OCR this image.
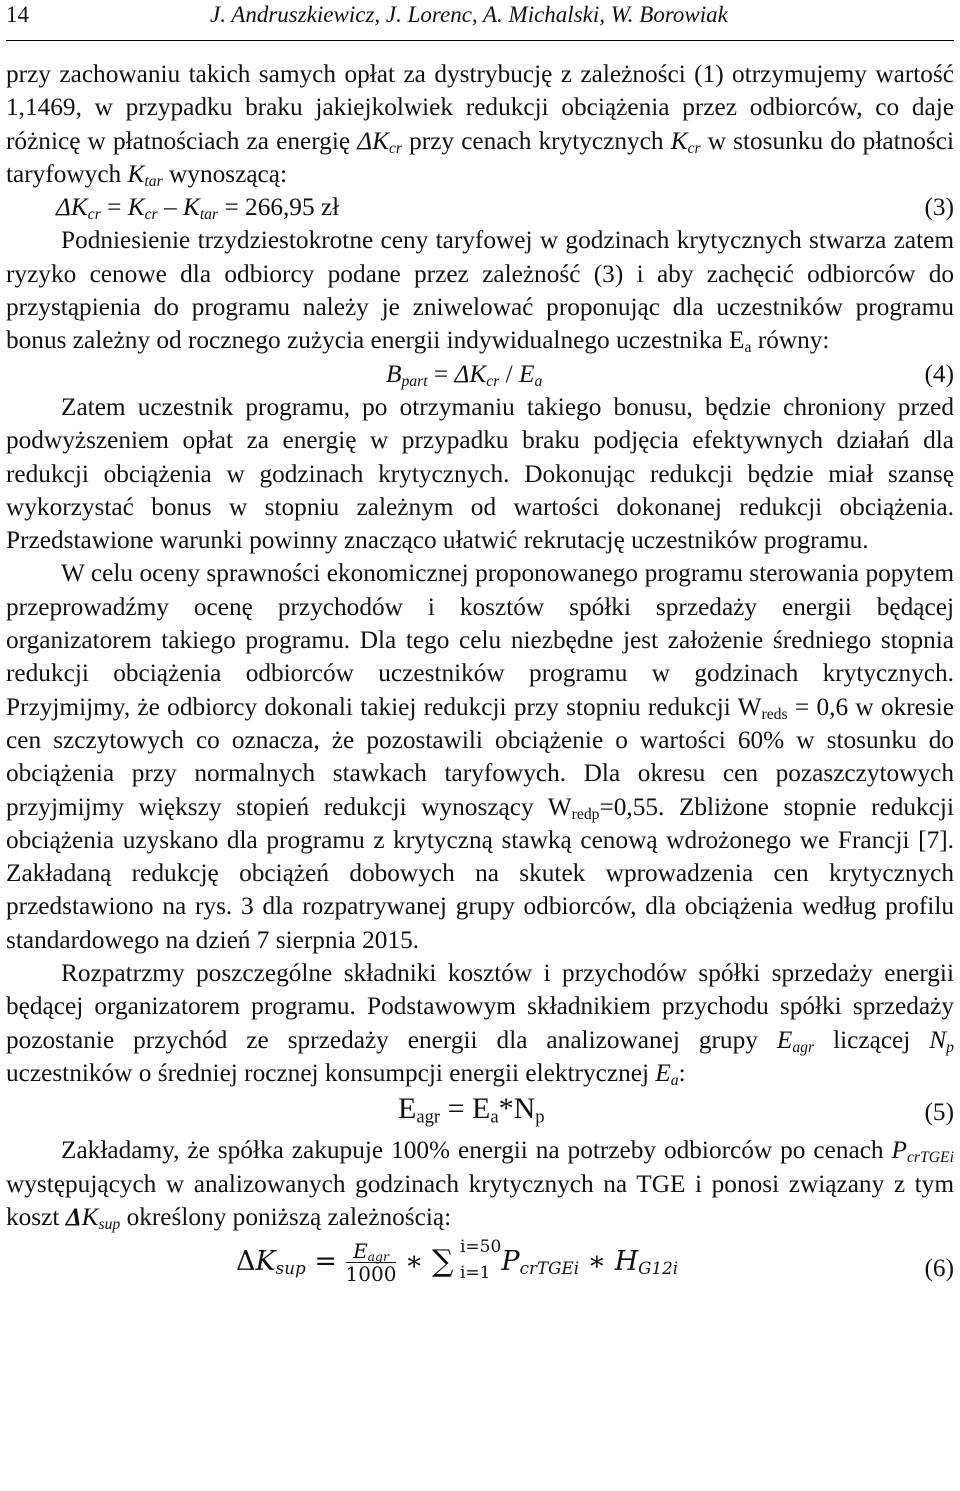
14	J. Andruszkiewicz, J. Lorenc, A. Michalski, W. Borowiak

przy zachowaniu takich samych opłat za dystrybucję z zależności (1) otrzymujemy wartość 1,1469, w przypadku braku jakiejkolwiek redukcji obciążenia przez odbiorców, co daje różnicę w płatnościach za energię $\Delta K_{cr}$ przy cenach krytycznych $K_{cr}$ w stosunku do płatności taryfowych $K_{tar}$ wynoszącą:

$\Delta K_{cr} = K_{cr} - K_{tar} = 266,95$ zł	(3)

Podniesienie trzydziestokrotne ceny taryfowej w godzinach krytycznych stwarza zatem ryzyko cenowe dla odbiorcy podane przez zależność (3) i aby zachęcić odbiorców do przystąpienia do programu należy je zniwelować proponując dla uczestników programu bonus zależny od rocznego zużycia energii indywidualnego uczestnika $E_a$ równy:

$B_{part} = \Delta K_{cr} / E_a$	(4)

Zatem uczestnik programu, po otrzymaniu takiego bonusu, będzie chroniony przed podwyższeniem opłat za energię w przypadku braku podjęcia efektywnych działań dla redukcji obciążenia w godzinach krytycznych. Dokonując redukcji będzie miał szansę wykorzystać bonus w stopniu zależnym od wartości dokonanej redukcji obciążenia. Przedstawione warunki powinny znacząco ułatwić rekrutację uczestników programu.

W celu oceny sprawności ekonomicznej proponowanego programu sterowania popytem przeprowadźmy ocenę przychodów i kosztów spółki sprzedaży energii będącej organizatorem takiego programu. Dla tego celu niezbędne jest założenie średniego stopnia redukcji obciążenia odbiorców uczestników programu w godzinach krytycznych. Przyjmijmy, że odbiorcy dokonali takiej redukcji przy stopniu redukcji $W_{reds} = 0,6$ w okresie cen szczytowych co oznacza, że pozostawili obciążenie o wartości 60% w stosunku do obciążenia przy normalnych stawkach taryfowych. Dla okresu cen pozaszczytowych przyjmijmy większy stopień redukcji wynoszący $W_{redp}=0,55$. Zbliżone stopnie redukcji obciążenia uzyskano dla programu z krytyczną stawką cenową wdrożonego we Francji [7]. Zakładaną redukcję obciążeń dobowych na skutek wprowadzenia cen krytycznych przedstawiono na rys. 3 dla rozpatrywanej grupy odbiorców, dla obciążenia według profilu standardowego na dzień 7 sierpnia 2015.

Rozpatrzmy poszczególne składniki kosztów i przychodów spółki sprzedaży energii będącej organizatorem programu. Podstawowym składnikiem przychodu spółki sprzedaży pozostanie przychód ze sprzedaży energii dla analizowanej grupy $E_{agr}$ liczącej $N_p$ uczestników o średniej rocznej konsumpcji energii elektrycznej $E_a$:

$E_{agr} = E_a*N_p$	(5)

Zakładamy, że spółka zakupuje 100% energii na potrzeby odbiorców po cenach $P_{crTGEi}$ występujących w analizowanych godzinach krytycznych na TGE i ponosi związany z tym koszt $\Delta K_{sup}$ określony poniższą zależnością:

$\Delta K_{sup} = \frac{E_{agr}}{1000}$ ∗ ∑ i=50
i=1 $P_{crTGEi}$ ∗ $H_{G12i}$	(6)
